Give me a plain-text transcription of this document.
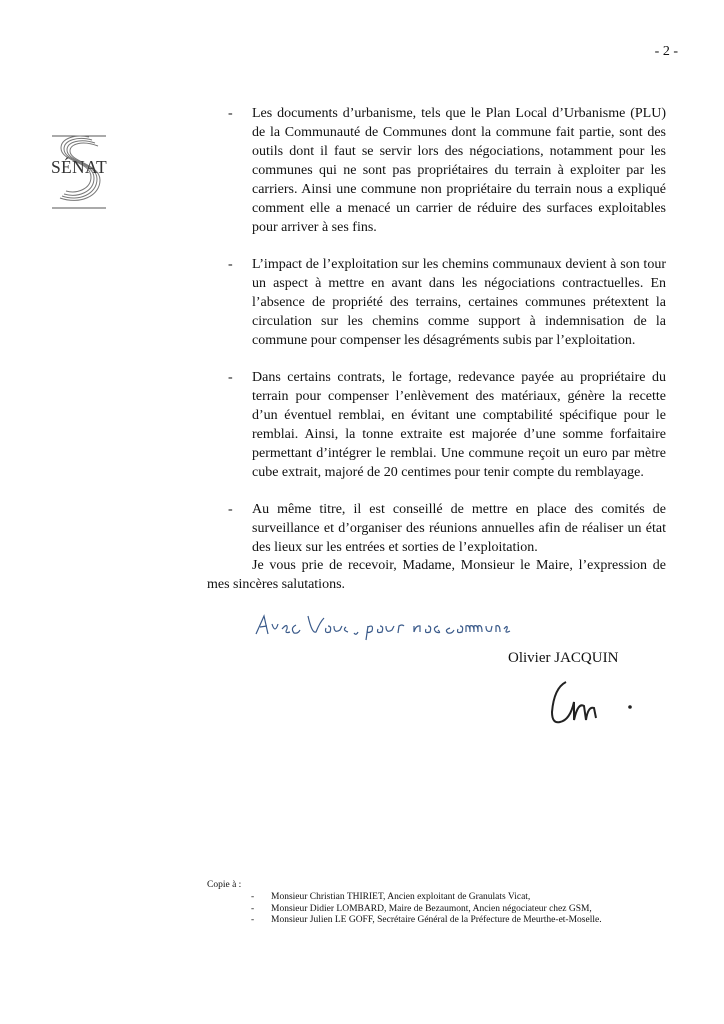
- 2 -
SÉNAT
- Les documents d’urbanisme, tels que le Plan Local d’Urbanisme (PLU) de la Communauté de Communes dont la commune fait partie, sont des outils dont il faut se servir lors des négociations, notamment pour les communes qui ne sont pas propriétaires du terrain à exploiter par les carriers. Ainsi une commune non propriétaire du terrain nous a expliqué comment elle a menacé un carrier de réduire des surfaces exploitables pour arriver à ses fins.
- L’impact de l’exploitation sur les chemins communaux devient à son tour un aspect à mettre en avant dans les négociations contractuelles. En l’absence de propriété des terrains, certaines communes prétextent la circulation sur les chemins comme support à indemnisation de la commune pour compenser les désagréments subis par l’exploitation.
- Dans certains contrats, le fortage, redevance payée au propriétaire du terrain pour compenser l’enlèvement des matériaux, génère la recette d’un éventuel remblai, en évitant une comptabilité spécifique pour le remblai. Ainsi, la tonne extraite est majorée d’une somme forfaitaire permettant d’intégrer le remblai. Une commune reçoit un euro par mètre cube extrait, majoré de 20 centimes pour tenir compte du remblayage.
- Au même titre, il est conseillé de mettre en place des comités de surveillance et d’organiser des réunions annuelles afin de réaliser un état des lieux sur les entrées et sorties de l’exploitation.

Je vous prie de recevoir, Madame, Monsieur le Maire, l’expression de mes sincères salutations.

Olivier JACQUIN
Copie à :
- Monsieur Christian THIRIET, Ancien exploitant de Granulats Vicat,
- Monsieur Didier LOMBARD, Maire de Bezaumont, Ancien négociateur chez GSM,
- Monsieur Julien LE GOFF, Secrétaire Général de la Préfecture de Meurthe-et-Moselle.
